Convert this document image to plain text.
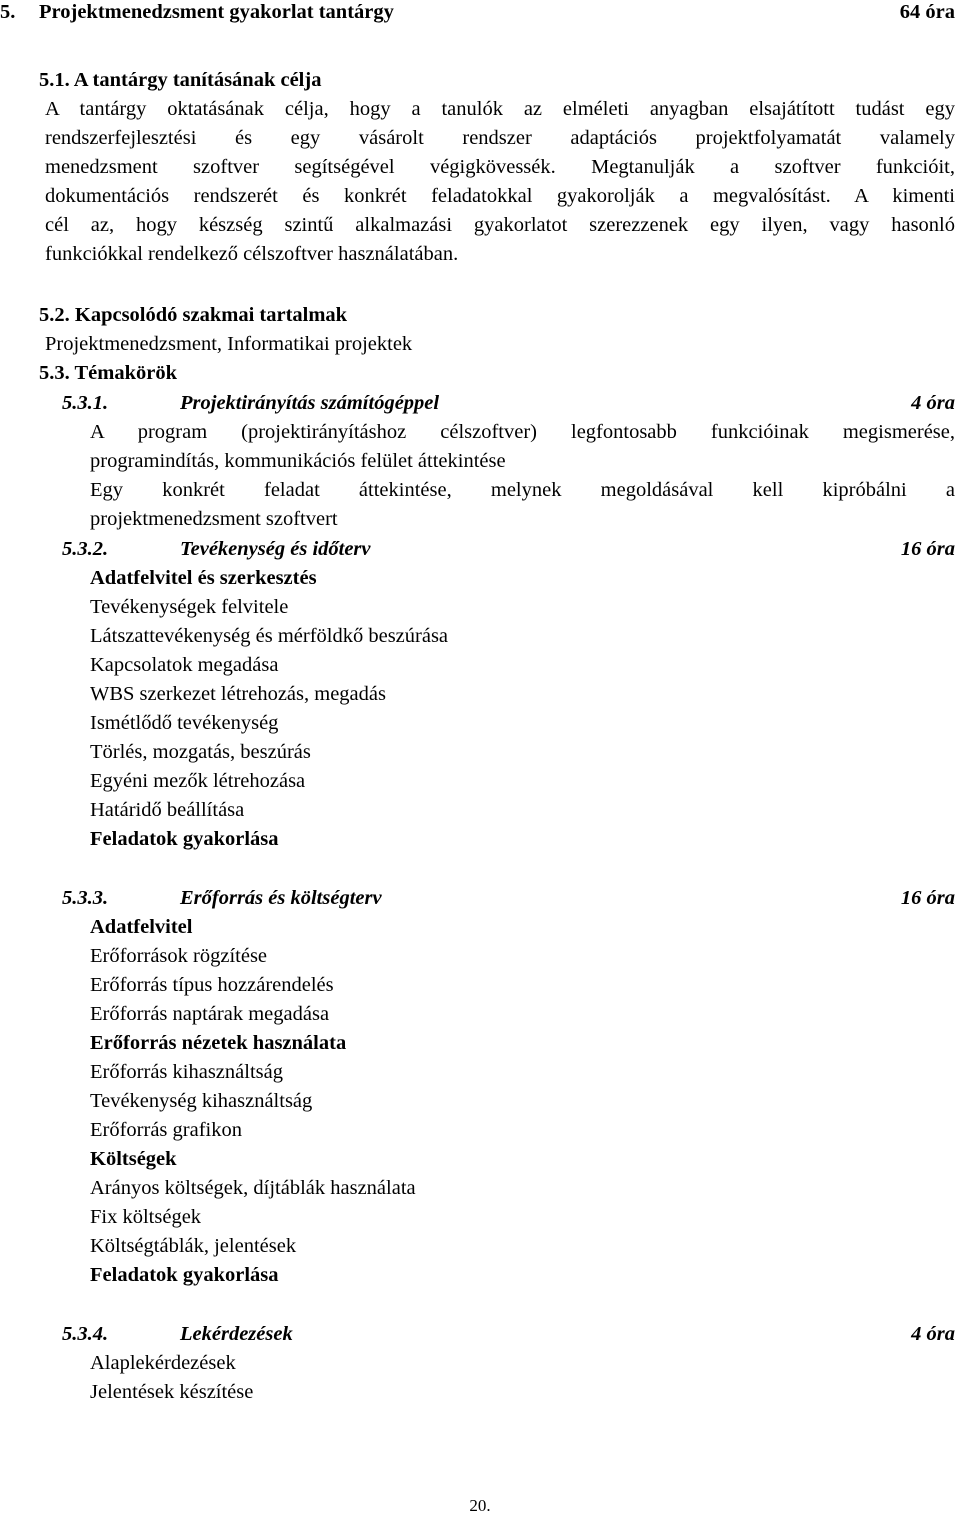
5. Projektmenedzsment gyakorlat tantárgy	64 óra
5.1. A tantárgy tanításának célja
A tantárgy oktatásának célja, hogy a tanulók az elméleti anyagban elsajátított tudást egy
rendszerfejlesztési és egy vásárolt rendszer adaptációs projektfolyamatát valamely
menedzsment szoftver segítségével végigkövessék. Megtanulják a szoftver funkcióit,
dokumentációs rendszerét és konkrét feladatokkal gyakorolják a megvalósítást. A kimenti
cél az, hogy készség szintű alkalmazási gyakorlatot szerezzenek egy ilyen, vagy hasonló
funkciókkal rendelkező célszoftver használatában.
5.2. Kapcsolódó szakmai tartalmak
Projektmenedzsment, Informatikai projektek
5.3. Témakörök
5.3.1.	Projektirányítás számítógéppel	4 óra
A program (projektirányításhoz célszoftver) legfontosabb funkcióinak megismerése,
programindítás, kommunikációs felület áttekintése
Egy konkrét feladat áttekintése, melynek megoldásával kell kipróbálni a
projektmenedzsment szoftvert
5.3.2.	Tevékenység és időterv	16 óra
Adatfelvitel és szerkesztés
Tevékenységek felvitele
Látszattevékenység és mérföldkő beszúrása
Kapcsolatok megadása
WBS szerkezet létrehozás, megadás
Ismétlődő tevékenység
Törlés, mozgatás, beszúrás
Egyéni mezők létrehozása
Határidő beállítása
Feladatok gyakorlása
5.3.3.	Erőforrás és költségterv	16 óra
Adatfelvitel
Erőforrások rögzítése
Erőforrás típus hozzárendelés
Erőforrás naptárak megadása
Erőforrás nézetek használata
Erőforrás kihasználtság
Tevékenység kihasználtság
Erőforrás grafikon
Költségek
Arányos költségek, díjtáblák használata
Fix költségek
Költségtáblák, jelentések
Feladatok gyakorlása
5.3.4.	Lekérdezések	4 óra
Alaplekérdezések
Jelentések készítése
20.
